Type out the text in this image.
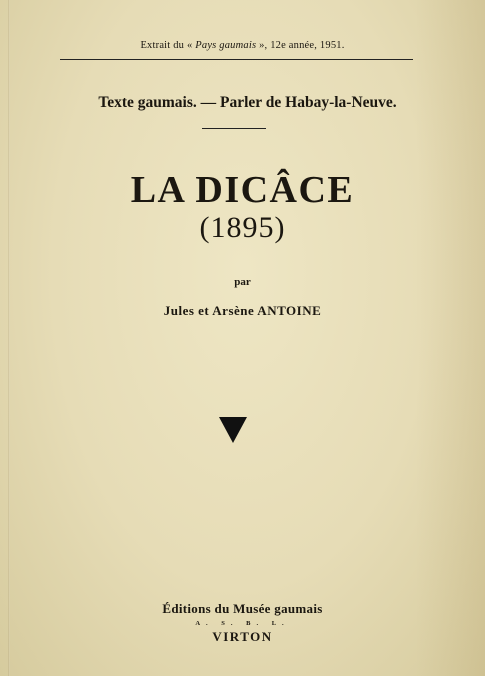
Extrait du « Pays gaumais », 12e année, 1951.
Texte gaumais. — Parler de Habay-la-Neuve.
LA DICÂCE
(1895)
par
Jules et Arsène ANTOINE
Éditions du Musée gaumais
A. S. B. L.
VIRTON
